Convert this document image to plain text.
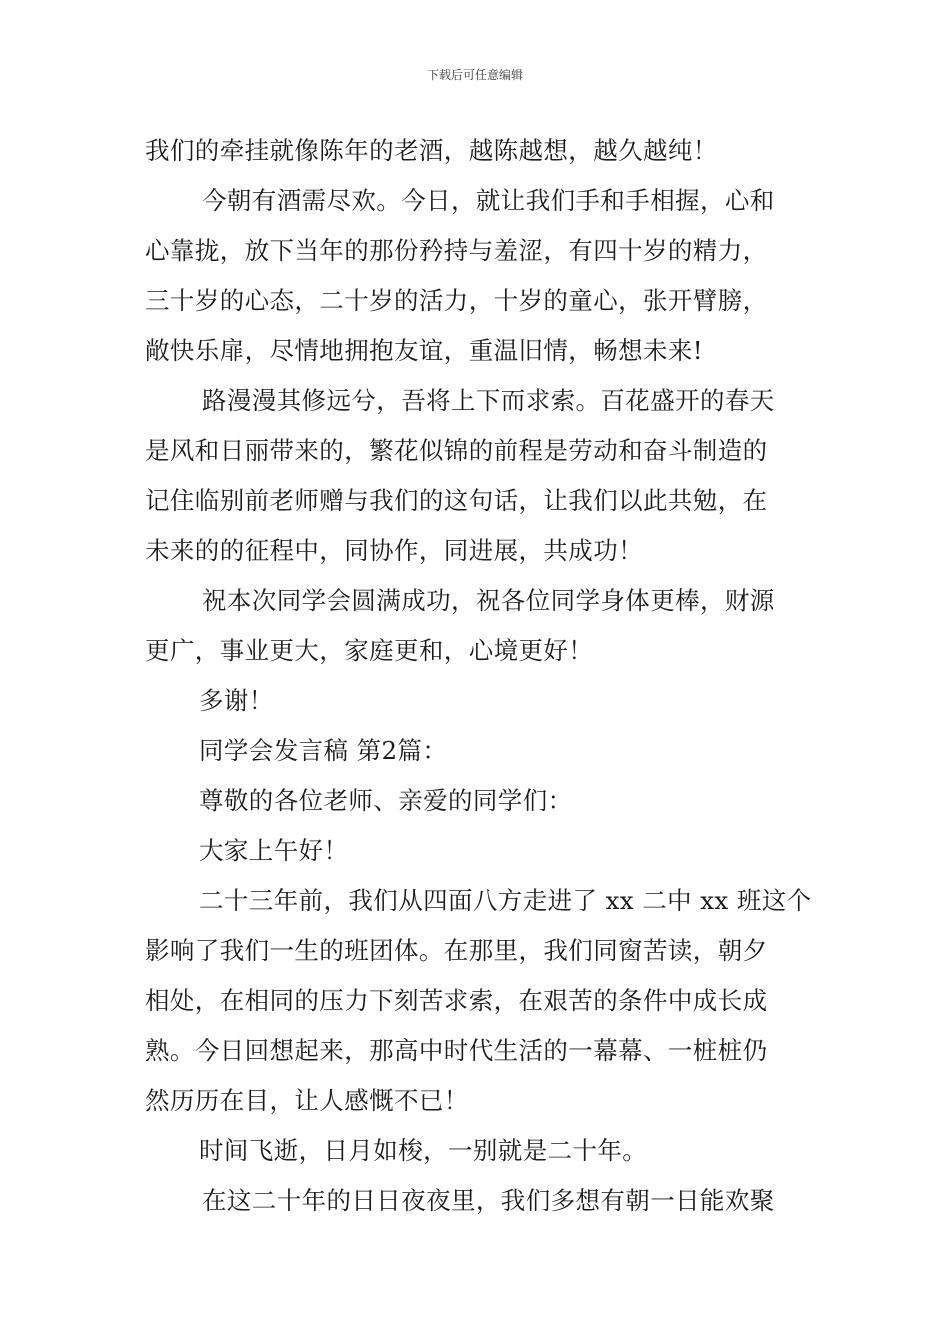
下载后可任意编辑
我们的牵挂就像陈年的老酒，越陈越想，越久越纯！
今朝有酒需尽欢。今日，就让我们手和手相握，心和
心靠拢，放下当年的那份矜持与羞涩，有四十岁的精力，
三十岁的心态，二十岁的活力，十岁的童心，张开臂膀，
敞快乐扉，尽情地拥抱友谊，重温旧情，畅想未来!
路漫漫其修远兮，吾将上下而求索。百花盛开的春天
是风和日丽带来的，繁花似锦的前程是劳动和奋斗制造的
记住临别前老师赠与我们的这句话，让我们以此共勉，在
未来的的征程中，同协作，同进展，共成功！
祝本次同学会圆满成功，祝各位同学身体更棒，财源
更广，事业更大，家庭更和，心境更好！
多谢！
同学会发言稿 第2篇：
尊敬的各位老师、亲爱的同学们：
大家上午好！
二十三年前，我们从四面八方走进了 xx 二中 xx 班这个
影响了我们一生的班团体。在那里，我们同窗苦读，朝夕
相处，在相同的压力下刻苦求索，在艰苦的条件中成长成
熟。今日回想起来，那高中时代生活的一幕幕、一桩桩仍
然历历在目，让人感慨不已！
时间飞逝，日月如梭，一别就是二十年。
在这二十年的日日夜夜里，我们多想有朝一日能欢聚
